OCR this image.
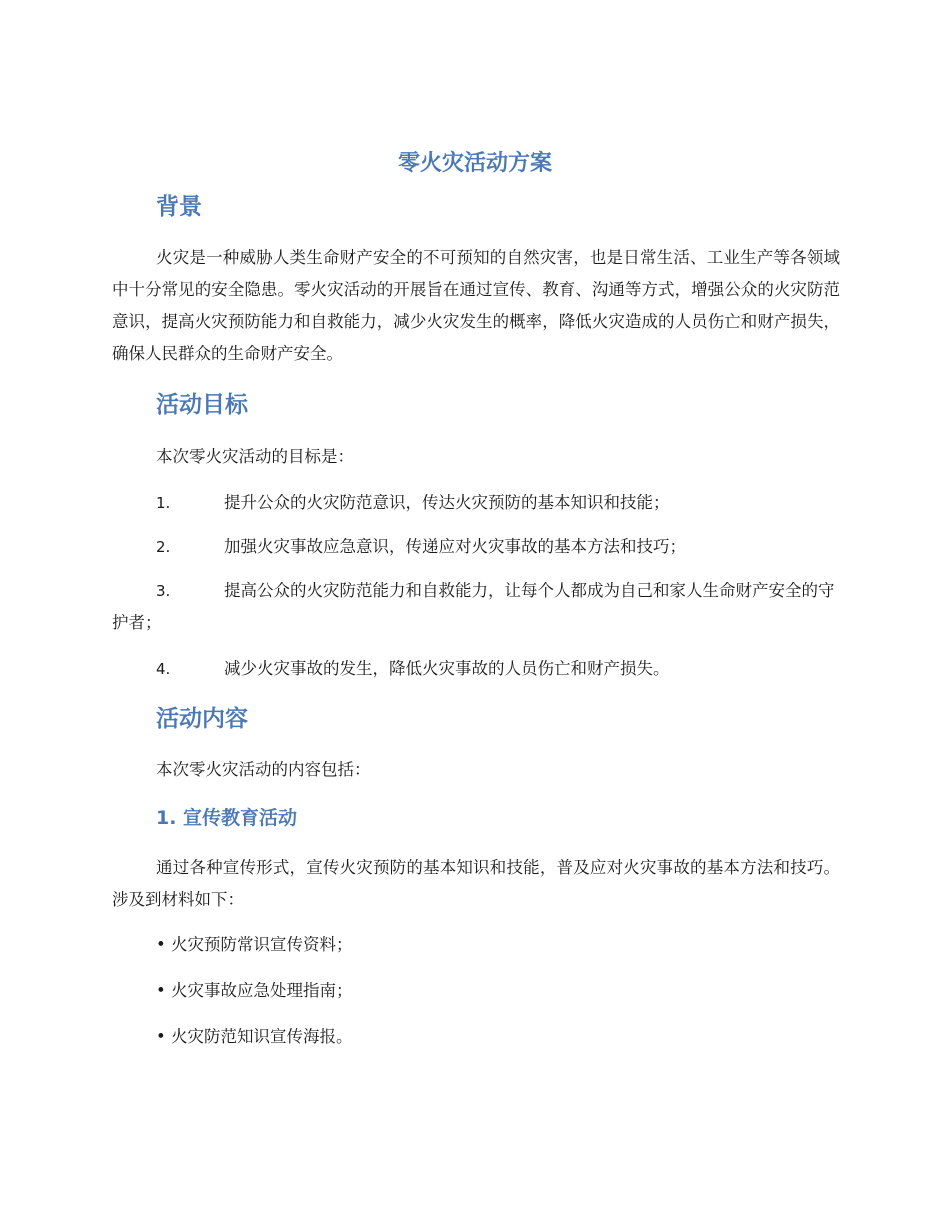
零火灾活动方案
背景

火灾是一种威胁人类生命财产安全的不可预知的自然灾害，也是日常生活、工业生产等各领域中十分常见的安全隐患。零火灾活动的开展旨在通过宣传、教育、沟通等方式，增强公众的火灾防范意识，提高火灾预防能力和自救能力，减少火灾发生的概率，降低火灾造成的人员伤亡和财产损失，确保人民群众的生命财产安全。

活动目标

本次零火灾活动的目标是：

1.	提升公众的火灾防范意识，传达火灾预防的基本知识和技能；

2.	加强火灾事故应急意识，传递应对火灾事故的基本方法和技巧；

3.	提高公众的火灾防范能力和自救能力，让每个人都成为自己和家人生命财产安全的守护者；

4.	减少火灾事故的发生，降低火灾事故的人员伤亡和财产损失。

活动内容

本次零火灾活动的内容包括：

1. 宣传教育活动

通过各种宣传形式，宣传火灾预防的基本知识和技能，普及应对火灾事故的基本方法和技巧。涉及到材料如下：

• 火灾预防常识宣传资料；

• 火灾事故应急处理指南；

• 火灾防范知识宣传海报。
